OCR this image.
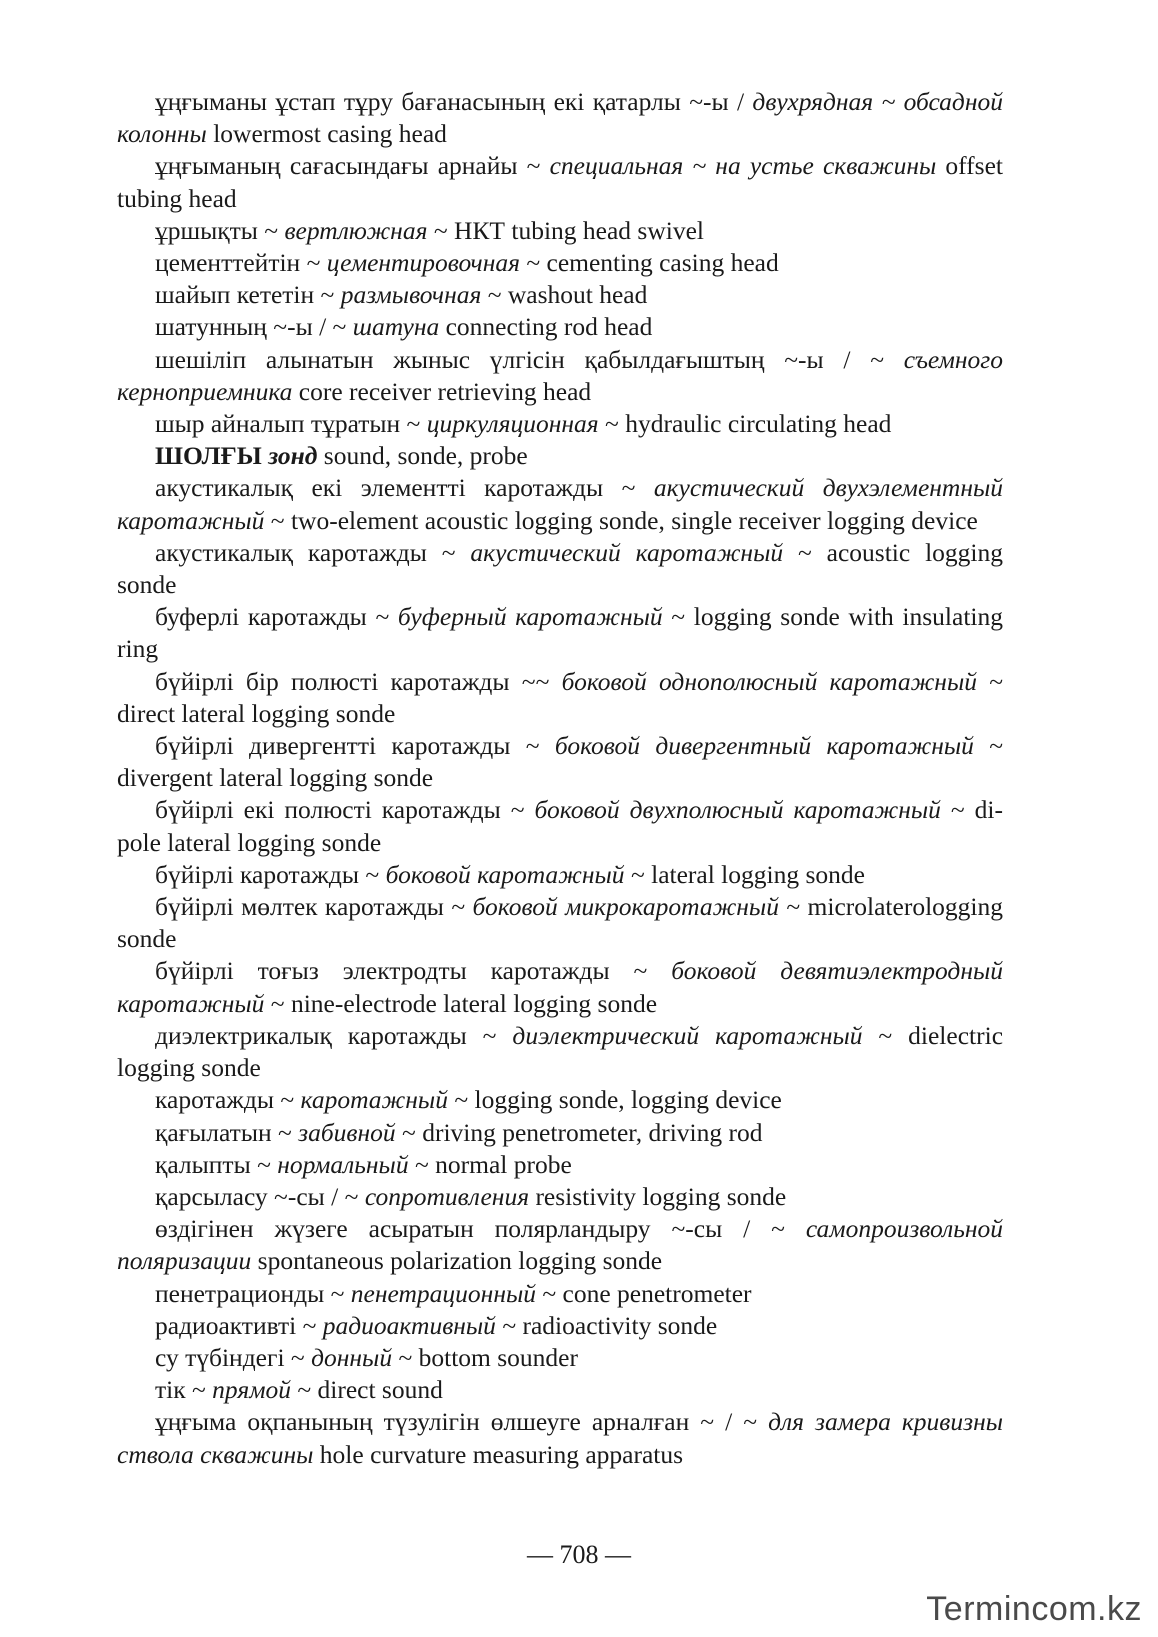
ұңғыманы ұстап тұру бағанасының екі қатарлы ~-ы / двухрядная ~ обсадной колонны lowermost casing head

ұңғыманың сағасындағы арнайы ~ специальная ~ на устье скважины offset tubing head

ұршықты ~ вертлюжная ~ НКТ tubing head swivel

цементтейтін ~ цементировочная ~ cementing casing head

шайып кететін ~ размывочная ~ washout head

шатунның ~-ы / ~ шатуна connecting rod head

шешіліп алынатын жыныс үлгісін қабылдағыштың ~-ы / ~ съемного керноприемника core receiver retrieving head

шыр айналып тұратын ~ циркуляционная ~ hydraulic circulating head

ШОЛҒЫ зонд sound, sonde, probe

акустикалық екі элементті каротажды ~ акустический двухэлементный каротажный ~ two-element acoustic logging sonde, single receiver logging device

акустикалық каротажды ~ акустический каротажный ~ acoustic logging sonde

буферлі каротажды ~ буферный каротажный ~ logging sonde with insulating ring

бүйірлі бір полюсті каротажды ~~ боковой однополюсный каротажный ~ direct lateral logging sonde

бүйірлі дивергентті каротажды ~ боковой дивергентный каротажный ~ divergent lateral logging sonde

бүйірлі екі полюсті каротажды ~ боковой двухполюсный каротажный ~ di-pole lateral logging sonde

бүйірлі каротажды ~ боковой каротажный ~ lateral logging sonde

бүйірлі мөлтек каротажды ~ боковой микрокаротажный ~ microlaterologging sonde

бүйірлі тоғыз электродты каротажды ~ боковой девятиэлектродный каротажный ~ nine-electrode lateral logging sonde

диэлектрикалық каротажды ~ диэлектрический каротажный ~ dielectric logging sonde

каротажды ~ каротажный ~ logging sonde, logging device

қағылатын ~ забивной ~ driving penetrometer, driving rod

қалыпты ~ нормальный ~ normal probe

қарсыласу ~-сы / ~ сопротивления resistivity logging sonde

өздігінен жүзеге асыратын полярландыру ~-сы / ~ самопроизвольной поляризации spontaneous polarization logging sonde

пенетрационды ~ пенетрационный ~ cone penetrometer

радиоактивті ~ радиоактивный ~ radioactivity sonde

су түбіндегі ~ донный ~ bottom sounder

тік ~ прямой ~ direct sound

ұңғыма оқпанының түзулігін өлшеуге арналған ~ / ~ для замера кривизны ствола скважины hole curvature measuring apparatus

— 708 —
Termincom.kz
